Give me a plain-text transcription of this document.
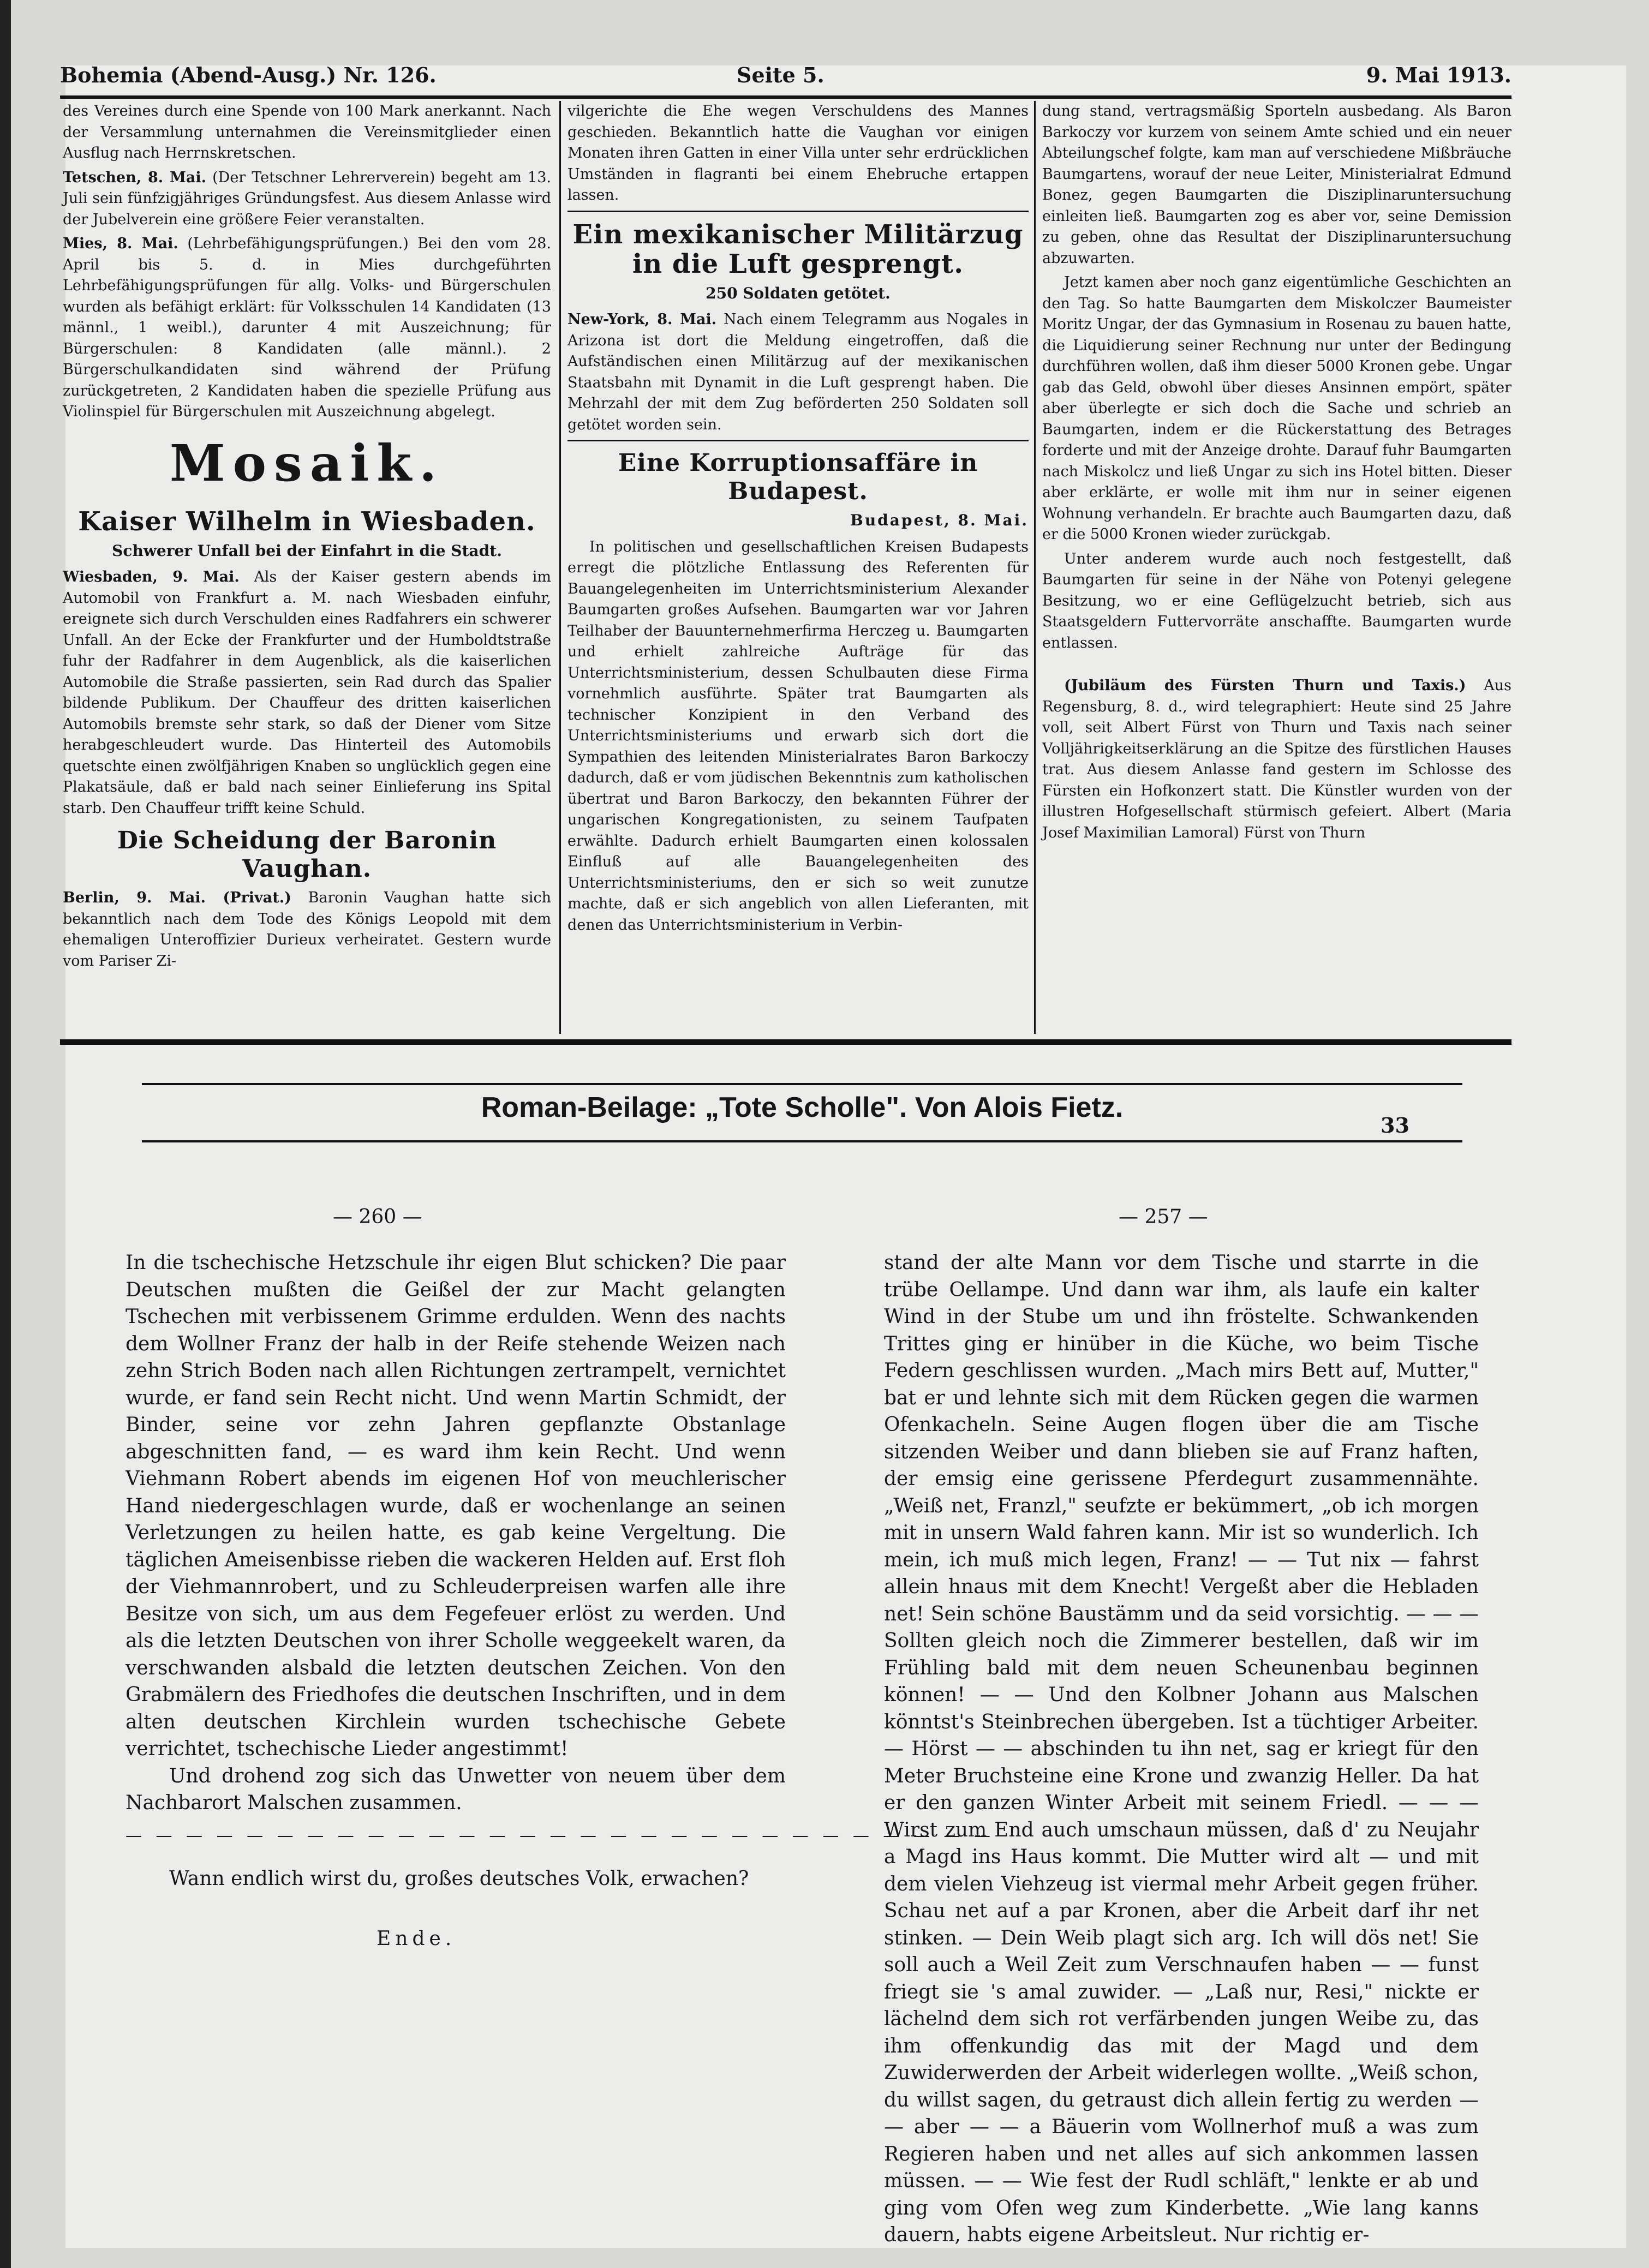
Bohemia (Abend-Ausg.) Nr. 126.	Seite 5.	9. Mai 1913.

des Vereines durch eine Spende von 100 Mark anerkannt. Nach der Versammlung unternahmen die Vereinsmitglieder einen Ausflug nach Herrnskretschen.

Tetschen, 8. Mai. (Der Tetschner Lehrerverein) begeht am 13. Juli sein fünfzigjähriges Gründungsfest. Aus diesem Anlasse wird der Jubelverein eine größere Feier veranstalten.

Mies, 8. Mai. (Lehrbefähigungsprüfungen.) Bei den vom 28. April bis 5. d. in Mies durchgeführten Lehrbefähigungsprüfungen für allg. Volks- und Bürgerschulen wurden als befähigt erklärt: für Volksschulen 14 Kandidaten (13 männl., 1 weibl.), darunter 4 mit Auszeichnung; für Bürgerschulen: 8 Kandidaten (alle männl.). 2 Bürgerschulkandidaten sind während der Prüfung zurückgetreten, 2 Kandidaten haben die spezielle Prüfung aus Violinspiel für Bürgerschulen mit Auszeichnung abgelegt.

Mosaik.
Kaiser Wilhelm in Wiesbaden.
Schwerer Unfall bei der Einfahrt in die Stadt.

Wiesbaden, 9. Mai. Als der Kaiser gestern abends im Automobil von Frankfurt a. M. nach Wiesbaden einfuhr, ereignete sich durch Verschulden eines Radfahrers ein schwerer Unfall. An der Ecke der Frankfurter und der Humboldtstraße fuhr der Radfahrer in dem Augenblick, als die kaiserlichen Automobile die Straße passierten, sein Rad durch das Spalier bildende Publikum. Der Chauffeur des dritten kaiserlichen Automobils bremste sehr stark, so daß der Diener vom Sitze herabgeschleudert wurde. Das Hinterteil des Automobils quetschte einen zwölfjährigen Knaben so unglücklich gegen eine Plakatsäule, daß er bald nach seiner Einlieferung ins Spital starb. Den Chauffeur trifft keine Schuld.

Die Scheidung der Baronin Vaughan.

Berlin, 9. Mai. (Privat.) Baronin Vaughan hatte sich bekanntlich nach dem Tode des Königs Leopold mit dem ehemaligen Unteroffizier Durieux verheiratet. Gestern wurde vom Pariser Zi-

vilgerichte die Ehe wegen Verschuldens des Mannes geschieden. Bekanntlich hatte die Vaughan vor einigen Monaten ihren Gatten in einer Villa unter sehr erdrücklichen Umständen in flagranti bei einem Ehebruche ertappen lassen.

Ein mexikanischer Militärzug in die Luft gesprengt.
250 Soldaten getötet.

New-York, 8. Mai. Nach einem Telegramm aus Nogales in Arizona ist dort die Meldung eingetroffen, daß die Aufständischen einen Militärzug auf der mexikanischen Staatsbahn mit Dynamit in die Luft gesprengt haben. Die Mehrzahl der mit dem Zug beförderten 250 Soldaten soll getötet worden sein.

Eine Korruptionsaffäre in Budapest.
Budapest, 8. Mai.

In politischen und gesellschaftlichen Kreisen Budapests erregt die plötzliche Entlassung des Referenten für Bauangelegenheiten im Unterrichtsministerium Alexander Baumgarten großes Aufsehen. Baumgarten war vor Jahren Teilhaber der Bauunternehmerfirma Herczeg u. Baumgarten und erhielt zahlreiche Aufträge für das Unterrichtsministerium, dessen Schulbauten diese Firma vornehmlich ausführte. Später trat Baumgarten als technischer Konzipient in den Verband des Unterrichtsministeriums und erwarb sich dort die Sympathien des leitenden Ministerialrates Baron Barkoczy dadurch, daß er vom jüdischen Bekenntnis zum katholischen übertrat und Baron Barkoczy, den bekannten Führer der ungarischen Kongregationisten, zu seinem Taufpaten erwählte. Dadurch erhielt Baumgarten einen kolossalen Einfluß auf alle Bauangelegenheiten des Unterrichtsministeriums, den er sich so weit zunutze machte, daß er sich angeblich von allen Lieferanten, mit denen das Unterrichtsministerium in Verbin-

dung stand, vertragsmäßig Sporteln ausbedang. Als Baron Barkoczy vor kurzem von seinem Amte schied und ein neuer Abteilungschef folgte, kam man auf verschiedene Mißbräuche Baumgartens, worauf der neue Leiter, Ministerialrat Edmund Bonez, gegen Baumgarten die Disziplinaruntersuchung einleiten ließ. Baumgarten zog es aber vor, seine Demission zu geben, ohne das Resultat der Disziplinaruntersuchung abzuwarten.

Jetzt kamen aber noch ganz eigentümliche Geschichten an den Tag. So hatte Baumgarten dem Miskolczer Baumeister Moritz Ungar, der das Gymnasium in Rosenau zu bauen hatte, die Liquidierung seiner Rechnung nur unter der Bedingung durchführen wollen, daß ihm dieser 5000 Kronen gebe. Ungar gab das Geld, obwohl über dieses Ansinnen empört, später aber überlegte er sich doch die Sache und schrieb an Baumgarten, indem er die Rückerstattung des Betrages forderte und mit der Anzeige drohte. Darauf fuhr Baumgarten nach Miskolcz und ließ Ungar zu sich ins Hotel bitten. Dieser aber erklärte, er wolle mit ihm nur in seiner eigenen Wohnung verhandeln. Er brachte auch Baumgarten dazu, daß er die 5000 Kronen wieder zurückgab.

Unter anderem wurde auch noch festgestellt, daß Baumgarten für seine in der Nähe von Potenyi gelegene Besitzung, wo er eine Geflügelzucht betrieb, sich aus Staatsgeldern Futtervorräte anschaffte. Baumgarten wurde entlassen.

(Jubiläum des Fürsten Thurn und Taxis.) Aus Regensburg, 8. d., wird telegraphiert: Heute sind 25 Jahre voll, seit Albert Fürst von Thurn und Taxis nach seiner Volljährigkeitserklärung an die Spitze des fürstlichen Hauses trat. Aus diesem Anlasse fand gestern im Schlosse des Fürsten ein Hofkonzert statt. Die Künstler wurden von der illustren Hofgesellschaft stürmisch gefeiert. Albert (Maria Josef Maximilian Lamoral) Fürst von Thurn

Roman-Beilage: „Tote Scholle". Von Alois Fietz.
33
— 260 —	— 257 —

In die tschechische Hetzschule ihr eigen Blut schicken? Die paar Deutschen mußten die Geißel der zur Macht gelangten Tschechen mit verbissenem Grimme erdulden. Wenn des nachts dem Wollner Franz der halb in der Reife stehende Weizen nach zehn Strich Boden nach allen Richtungen zertrampelt, vernichtet wurde, er fand sein Recht nicht. Und wenn Martin Schmidt, der Binder, seine vor zehn Jahren gepflanzte Obstanlage abgeschnitten fand, — es ward ihm kein Recht. Und wenn Viehmann Robert abends im eigenen Hof von meuchlerischer Hand niedergeschlagen wurde, daß er wochenlange an seinen Verletzungen zu heilen hatte, es gab keine Vergeltung. Die täglichen Ameisenbisse rieben die wackeren Helden auf. Erst floh der Viehmannrobert, und zu Schleuderpreisen warfen alle ihre Besitze von sich, um aus dem Fegefeuer erlöst zu werden. Und als die letzten Deutschen von ihrer Scholle weggeekelt waren, da verschwanden alsbald die letzten deutschen Zeichen. Von den Grabmälern des Friedhofes die deutschen Inschriften, und in dem alten deutschen Kirchlein wurden tschechische Gebete verrichtet, tschechische Lieder angestimmt!

Und drohend zog sich das Unwetter von neuem über dem Nachbarort Malschen zusammen.

— — — — — — — — — — — — — — — — — — — — — — — — — — — — —

Wann endlich wirst du, großes deutsches Volk, erwachen?

Ende.

stand der alte Mann vor dem Tische und starrte in die trübe Oellampe. Und dann war ihm, als laufe ein kalter Wind in der Stube um und ihn fröstelte. Schwankenden Trittes ging er hinüber in die Küche, wo beim Tische Federn geschlissen wurden. „Mach mirs Bett auf, Mutter," bat er und lehnte sich mit dem Rücken gegen die warmen Ofenkacheln. Seine Augen flogen über die am Tische sitzenden Weiber und dann blieben sie auf Franz haften, der emsig eine gerissene Pferdegurt zusammennähte. „Weiß net, Franzl," seufzte er bekümmert, „ob ich morgen mit in unsern Wald fahren kann. Mir ist so wunderlich. Ich mein, ich muß mich legen, Franz! — — Tut nix — fahrst allein hnaus mit dem Knecht! Vergeßt aber die Hebladen net! Sein schöne Baustämm und da seid vorsichtig. — — — Sollten gleich noch die Zimmerer bestellen, daß wir im Frühling bald mit dem neuen Scheunenbau beginnen können! — — Und den Kolbner Johann aus Malschen könntst's Steinbrechen übergeben. Ist a tüchtiger Arbeiter. — Hörst — — abschinden tu ihn net, sag er kriegt für den Meter Bruchsteine eine Krone und zwanzig Heller. Da hat er den ganzen Winter Arbeit mit seinem Friedl. — — — Wirst zum End auch umschaun müssen, daß d' zu Neujahr a Magd ins Haus kommt. Die Mutter wird alt — und mit dem vielen Viehzeug ist viermal mehr Arbeit gegen früher. Schau net auf a par Kronen, aber die Arbeit darf ihr net stinken. — Dein Weib plagt sich arg. Ich will dös net! Sie soll auch a Weil Zeit zum Verschnaufen haben — — funst friegt sie 's amal zuwider. — „Laß nur, Resi," nickte er lächelnd dem sich rot verfärbenden jungen Weibe zu, das ihm offenkundig das mit der Magd und dem Zuwiderwerden der Arbeit widerlegen wollte. „Weiß schon, du willst sagen, du getraust dich allein fertig zu werden — — aber — — a Bäuerin vom Wollnerhof muß a was zum Regieren haben und net alles auf sich ankommen lassen müssen. — — Wie fest der Rudl schläft," lenkte er ab und ging vom Ofen weg zum Kinderbette. „Wie lang kanns dauern, habts eigene Arbeitsleut. Nur richtig er-
